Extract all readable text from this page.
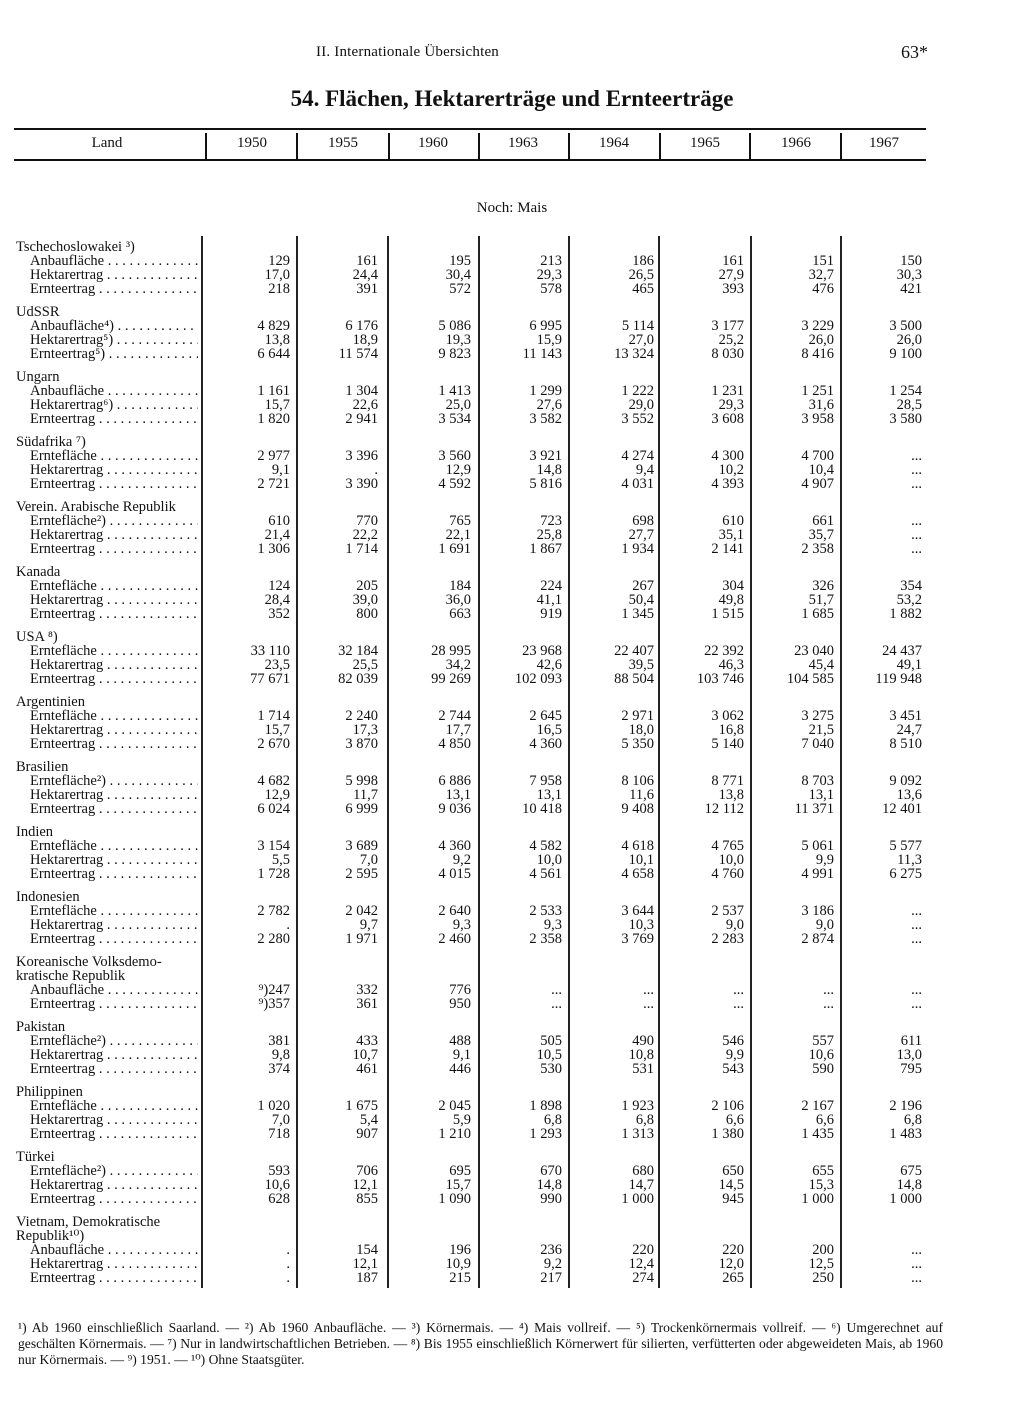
II. Internationale Übersichten	63*
54. Flächen, Hektarerträge und Ernteerträge
Land	1950	1955	1960	1963	1964	1965	1966	1967
Noch: Mais
Tschechoslowakei ³)
Anbaufläche . . .	129	161	195	213	186	161	151	150
Hektarertrag . . .	17,0	24,4	30,4	29,3	26,5	27,9	32,7	30,3
Ernteertrag . . .	218	391	572	578	465	393	476	421
UdSSR
Anbaufläche⁴) . . .	4 829	6 176	5 086	6 995	5 114	3 177	3 229	3 500
Hektarertrag⁵) . . .	13,8	18,9	19,3	15,9	27,0	25,2	26,0	26,0
Ernteertrag⁵) . . .	6 644	11 574	9 823	11 143	13 324	8 030	8 416	9 100
Ungarn
Anbaufläche . . .	1 161	1 304	1 413	1 299	1 222	1 231	1 251	1 254
Hektarertrag⁶) . . .	15,7	22,6	25,0	27,6	29,0	29,3	31,6	28,5
Ernteertrag . . .	1 820	2 941	3 534	3 582	3 552	3 608	3 958	3 580
Südafrika ⁷)
Erntefläche . . .	2 977	3 396	3 560	3 921	4 274	4 300	4 700	...
Hektarertrag . . .	9,1	.	12,9	14,8	9,4	10,2	10,4	...
Ernteertrag . . .	2 721	3 390	4 592	5 816	4 031	4 393	4 907	...
Verein. Arabische Republik
Erntefläche²) . . .	610	770	765	723	698	610	661	...
Hektarertrag . . .	21,4	22,2	22,1	25,8	27,7	35,1	35,7	...
Ernteertrag . . .	1 306	1 714	1 691	1 867	1 934	2 141	2 358	...
Kanada
Erntefläche . . .	124	205	184	224	267	304	326	354
Hektarertrag . . .	28,4	39,0	36,0	41,1	50,4	49,8	51,7	53,2
Ernteertrag . . .	352	800	663	919	1 345	1 515	1 685	1 882
USA ⁸)
Erntefläche . . .	33 110	32 184	28 995	23 968	22 407	22 392	23 040	24 437
Hektarertrag . . .	23,5	25,5	34,2	42,6	39,5	46,3	45,4	49,1
Ernteertrag . . .	77 671	82 039	99 269	102 093	88 504	103 746	104 585	119 948
Argentinien
Erntefläche . . .	1 714	2 240	2 744	2 645	2 971	3 062	3 275	3 451
Hektarertrag . . .	15,7	17,3	17,7	16,5	18,0	16,8	21,5	24,7
Ernteertrag . . .	2 670	3 870	4 850	4 360	5 350	5 140	7 040	8 510
Brasilien
Erntefläche²) . . .	4 682	5 998	6 886	7 958	8 106	8 771	8 703	9 092
Hektarertrag . . .	12,9	11,7	13,1	13,1	11,6	13,8	13,1	13,6
Ernteertrag . . .	6 024	6 999	9 036	10 418	9 408	12 112	11 371	12 401
Indien
Erntefläche . . .	3 154	3 689	4 360	4 582	4 618	4 765	5 061	5 577
Hektarertrag . . .	5,5	7,0	9,2	10,0	10,1	10,0	9,9	11,3
Ernteertrag . . .	1 728	2 595	4 015	4 561	4 658	4 760	4 991	6 275
Indonesien
Erntefläche . . .	2 782	2 042	2 640	2 533	3 644	2 537	3 186	...
Hektarertrag . . .	.	9,7	9,3	9,3	10,3	9,0	9,0	...
Ernteertrag . . .	2 280	1 971	2 460	2 358	3 769	2 283	2 874	...
Koreanische Volksdemo-
kratische Republik
Anbaufläche . . .	⁹)247	332	776	...	...	...	...	...
Ernteertrag . . .	⁹)357	361	950	...	...	...	...	...
Pakistan
Erntefläche²) . . .	381	433	488	505	490	546	557	611
Hektarertrag . . .	9,8	10,7	9,1	10,5	10,8	9,9	10,6	13,0
Ernteertrag . . .	374	461	446	530	531	543	590	795
Philippinen
Erntefläche . . .	1 020	1 675	2 045	1 898	1 923	2 106	2 167	2 196
Hektarertrag . . .	7,0	5,4	5,9	6,8	6,8	6,6	6,6	6,8
Ernteertrag . . .	718	907	1 210	1 293	1 313	1 380	1 435	1 483
Türkei
Erntefläche²) . . .	593	706	695	670	680	650	655	675
Hektarertrag . . .	10,6	12,1	15,7	14,8	14,7	14,5	15,3	14,8
Ernteertrag . . .	628	855	1 090	990	1 000	945	1 000	1 000
Vietnam, Demokratische
Republik¹⁰)
Anbaufläche . . .	.	154	196	236	220	220	200	...
Hektarertrag . . .	.	12,1	10,9	9,2	12,4	12,0	12,5	...
Ernteertrag . . .	.	187	215	217	274	265	250	...
¹) Ab 1960 einschließlich Saarland. — ²) Ab 1960 Anbaufläche. — ³) Körnermais. — ⁴) Mais vollreif. — ⁵) Trockenkörnermais vollreif. — ⁶) Umgerechnet auf geschälten Körnermais. — ⁷) Nur in landwirtschaftlichen Betrieben. — ⁸) Bis 1955 einschließlich Körnerwert für silierten, verfütterten oder abgeweideten Mais, ab 1960 nur Körnermais. — ⁹) 1951. — ¹⁰) Ohne Staatsgüter.
